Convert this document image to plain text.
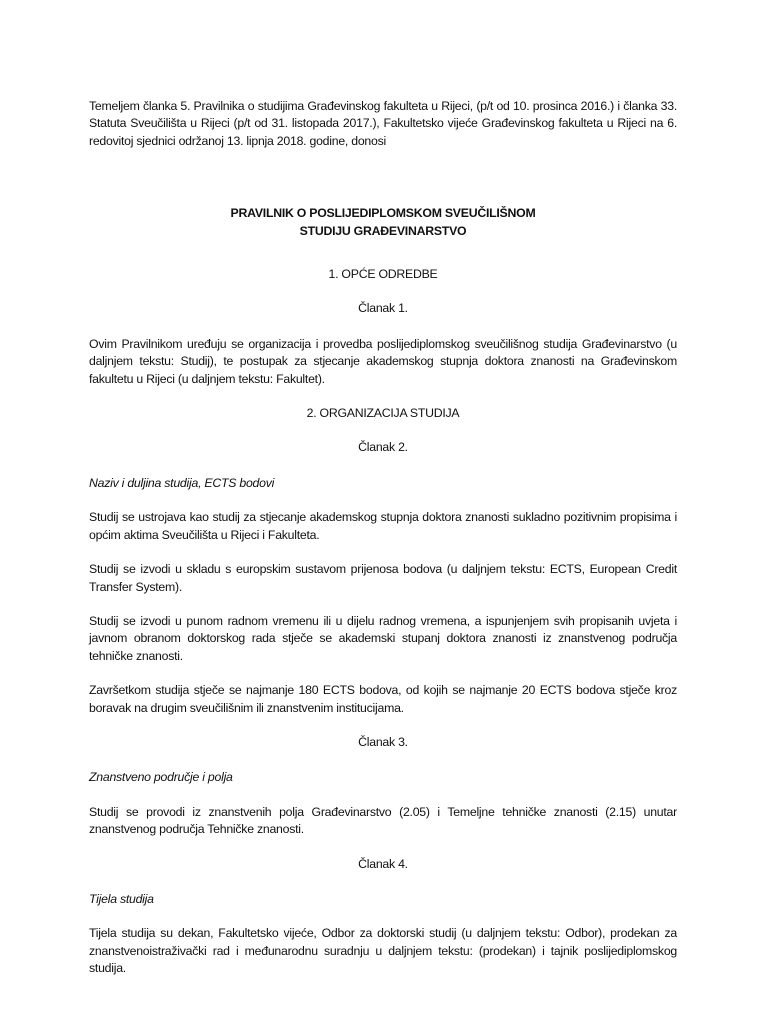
Temeljem članka 5. Pravilnika o studijima Građevinskog fakulteta u Rijeci, (p/t od 10. prosinca 2016.) i članka 33. Statuta Sveučilišta u Rijeci (p/t od 31. listopada 2017.), Fakultetsko vijeće Građevinskog fakulteta u Rijeci na 6. redovitoj sjednici održanoj 13. lipnja 2018. godine, donosi

PRAVILNIK O POSLIJEDIPLOMSKOM SVEUČILIŠNOM
STUDIJU GRAĐEVINARSTVO

1. OPĆE ODREDBE

Članak 1.

Ovim Pravilnikom uređuju se organizacija i provedba poslijediplomskog sveučilišnog studija Građevinarstvo (u daljnjem tekstu: Studij), te postupak za stjecanje akademskog stupnja doktora znanosti na Građevinskom fakultetu u Rijeci (u daljnjem tekstu: Fakultet).

2. ORGANIZACIJA STUDIJA

Članak 2.

Naziv i duljina studija, ECTS bodovi

Studij se ustrojava kao studij za stjecanje akademskog stupnja doktora znanosti sukladno pozitivnim propisima i općim aktima Sveučilišta u Rijeci i Fakulteta.

Studij se izvodi u skladu s europskim sustavom prijenosa bodova (u daljnjem tekstu: ECTS, European Credit Transfer System).

Studij se izvodi u punom radnom vremenu ili u dijelu radnog vremena, a ispunjenjem svih propisanih uvjeta i javnom obranom doktorskog rada stječe se akademski stupanj doktora znanosti iz znanstvenog područja tehničke znanosti.

Završetkom studija stječe se najmanje 180 ECTS bodova, od kojih se najmanje 20 ECTS bodova stječe kroz boravak na drugim sveučilišnim ili znanstvenim institucijama.

Članak 3.

Znanstveno područje i polja

Studij se provodi iz znanstvenih polja Građevinarstvo (2.05) i Temeljne tehničke znanosti (2.15) unutar znanstvenog područja Tehničke znanosti.

Članak 4.

Tijela studija

Tijela studija su dekan, Fakultetsko vijeće, Odbor za doktorski studij (u daljnjem tekstu: Odbor), prodekan za znanstvenoistraživački rad i međunarodnu suradnju u daljnjem tekstu: (prodekan) i tajnik poslijediplomskog studija.
